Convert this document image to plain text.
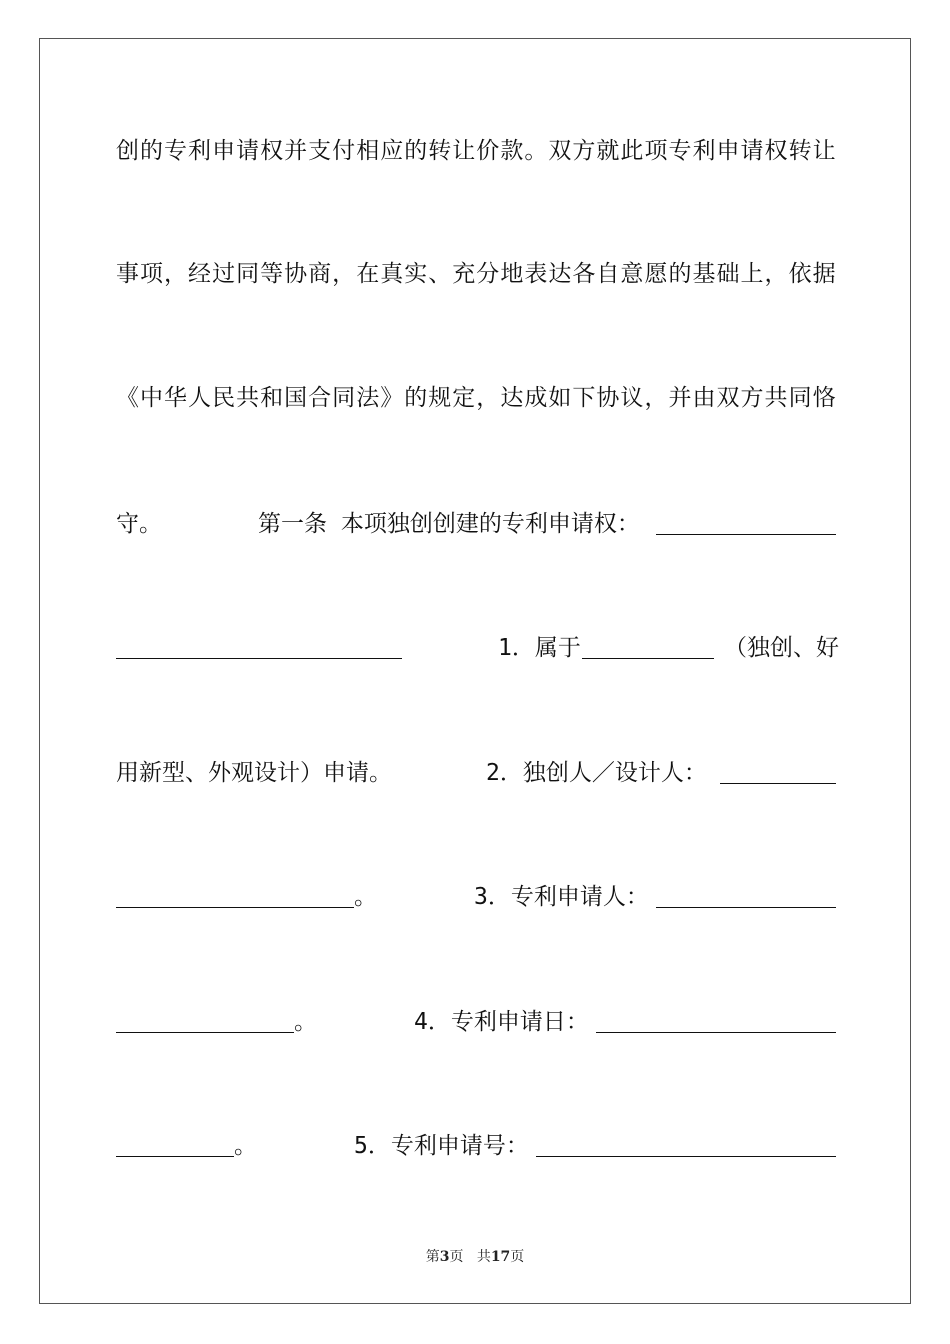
创的专利申请权并支付相应的转让价款。双方就此项专利申请权转让
事项，经过同等协商，在真实、充分地表达各自意愿的基础上，依据
《中华人民共和国合同法》的规定，达成如下协议，并由双方共同恪
守。	第一条 本项独创创建的专利申请权：
1．属于	（独创、好
用新型、外观设计）申请。	2．独创人／设计人：
。	3．专利申请人：
。	4．专利申请日：
。	5．专利申请号：
第3页 共17页
